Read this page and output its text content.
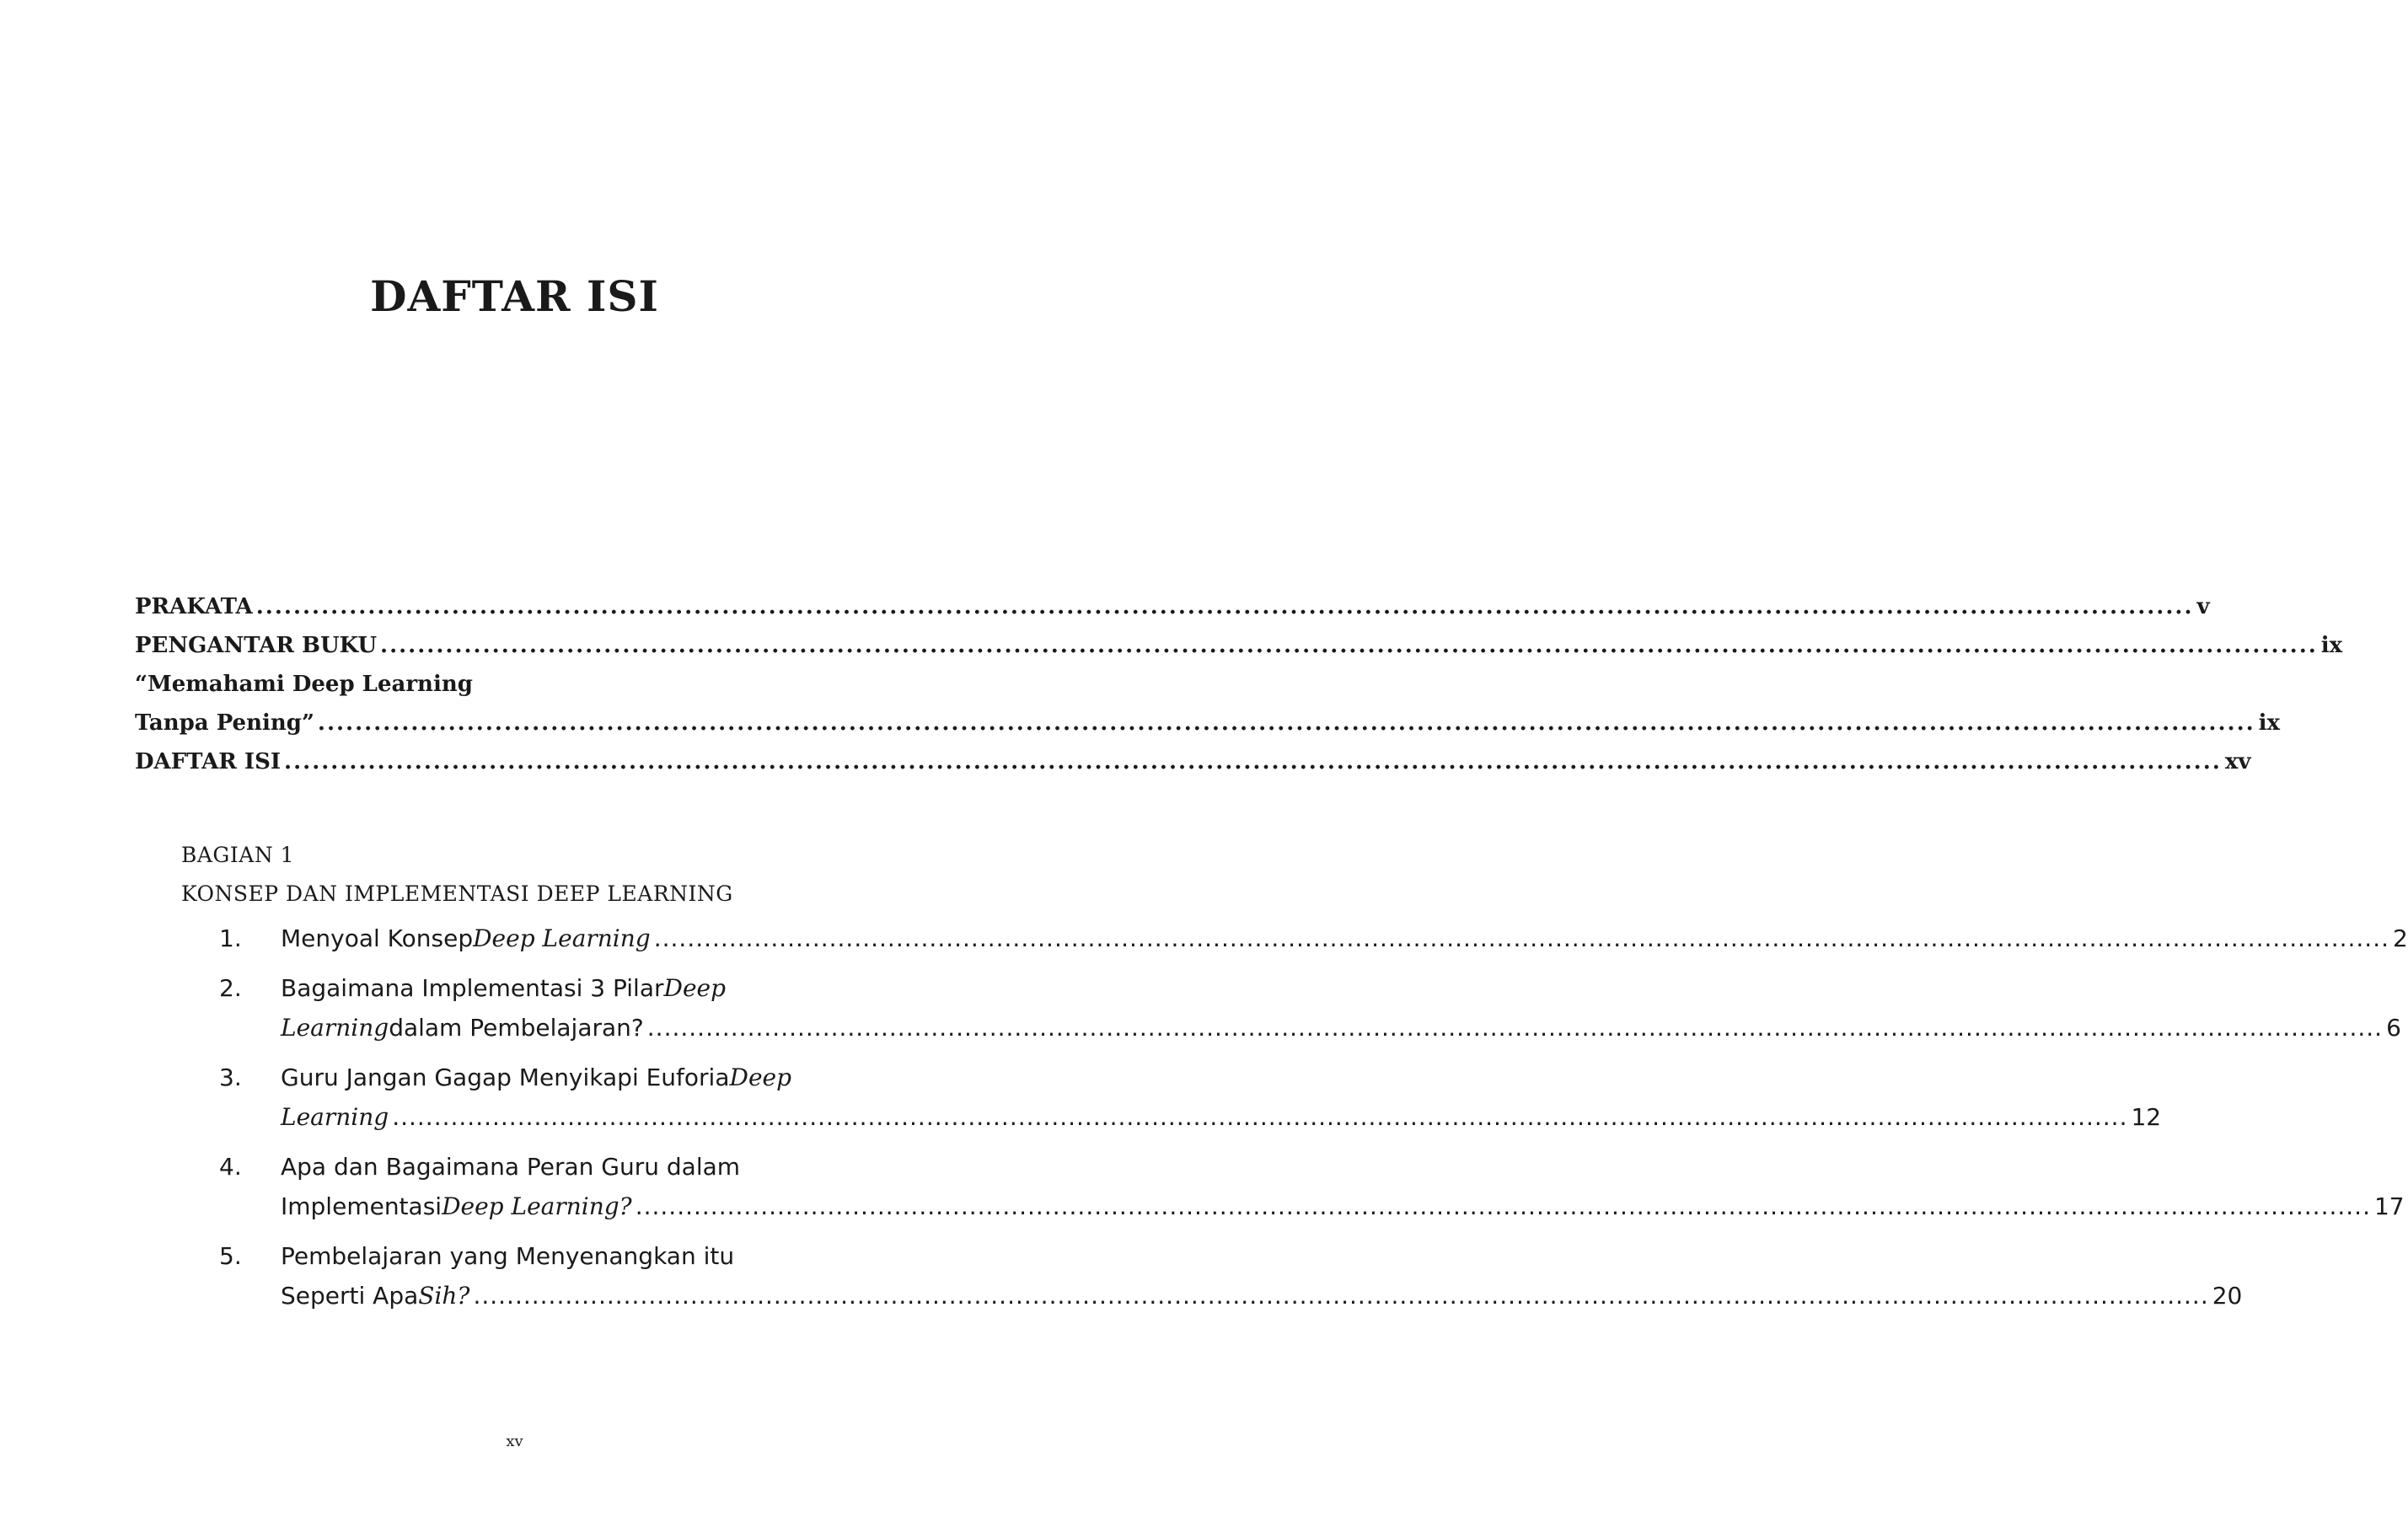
DAFTAR ISI
PRAKATA .....	v
PENGANTAR BUKU .....	ix
“Memahami Deep Learning
Tanpa Pening” .....	ix
DAFTAR ISI .....	xv
BAGIAN 1
KONSEP DAN IMPLEMENTASI DEEP LEARNING
1.	Menyoal Konsep Deep Learning .....	2
2.	Bagaimana Implementasi 3 Pilar Deep
Learning dalam Pembelajaran? .....	6
3.	Guru Jangan Gagap Menyikapi Euforia Deep
Learning .....	12
4.	Apa dan Bagaimana Peran Guru dalam
Implementasi Deep Learning? .....	17
5.	Pembelajaran yang Menyenangkan itu
Seperti Apa Sih? .....	20
xv
